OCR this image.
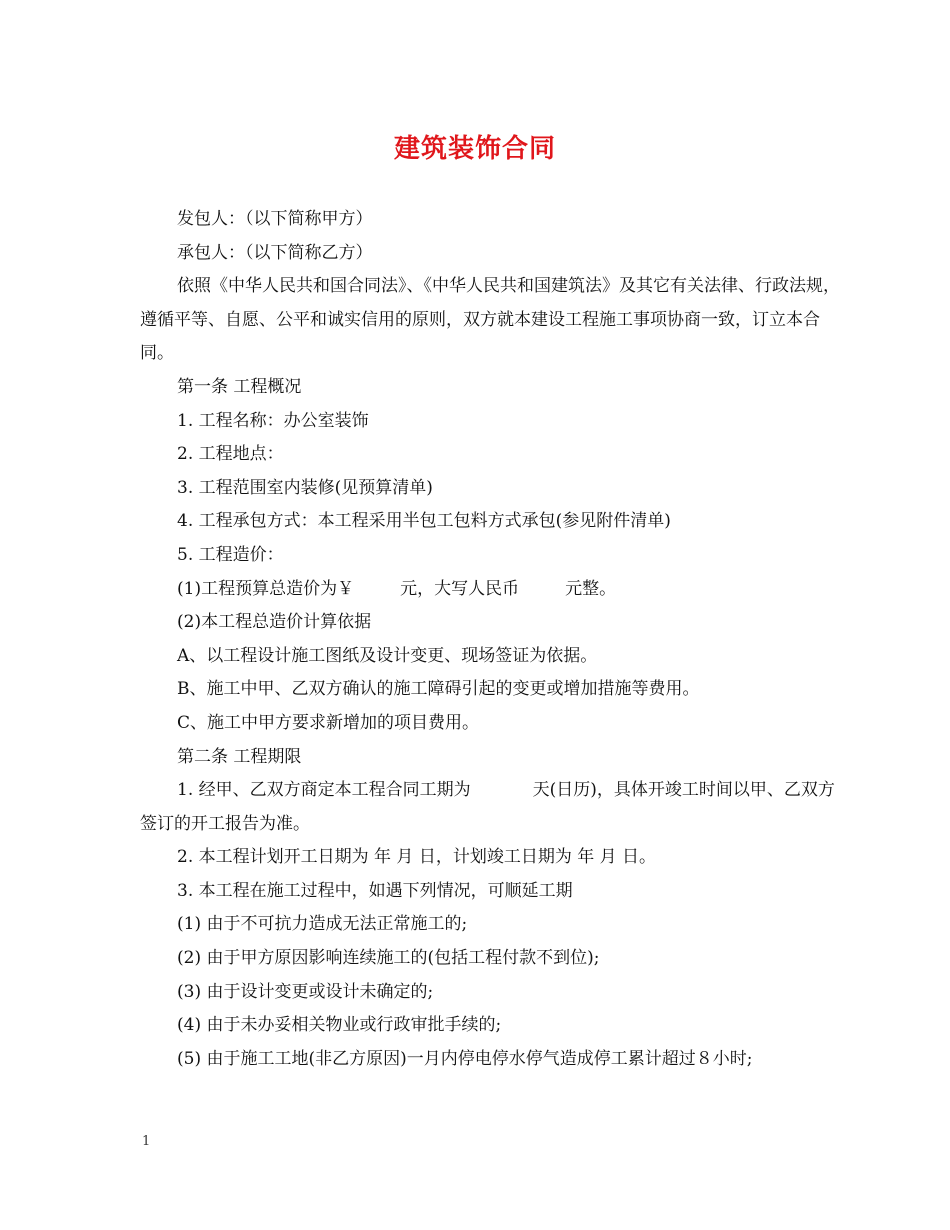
建筑装饰合同

发包人：（以下简称甲方）

承包人：（以下简称乙方）

依照《中华人民共和国合同法》、《中华人民共和国建筑法》及其它有关法律、行政法规，遵循平等、自愿、公平和诚实信用的原则，双方就本建设工程施工事项协商一致，订立本合同。

第一条 工程概况

1. 工程名称：办公室装饰

2. 工程地点：

3. 工程范围室内装修(见预算清单)

4. 工程承包方式：本工程采用半包工包料方式承包(参见附件清单)

5. 工程造价：

(1)工程预算总造价为￥	元，大写人民币	元整。

(2)本工程总造价计算依据

A、以工程设计施工图纸及设计变更、现场签证为依据。

B、施工中甲、乙双方确认的施工障碍引起的变更或增加措施等费用。

C、施工中甲方要求新增加的项目费用。

第二条 工程期限

1. 经甲、乙双方商定本工程合同工期为	天(日历)，具体开竣工时间以甲、乙双方签订的开工报告为准。

2. 本工程计划开工日期为 年 月 日，计划竣工日期为 年 月 日。

3. 本工程在施工过程中，如遇下列情况，可顺延工期

(1) 由于不可抗力造成无法正常施工的;

(2) 由于甲方原因影响连续施工的(包括工程付款不到位);

(3) 由于设计变更或设计未确定的;

(4) 由于未办妥相关物业或行政审批手续的;

(5) 由于施工工地(非乙方原因)一月内停电停水停气造成停工累计超过８小时;

1
